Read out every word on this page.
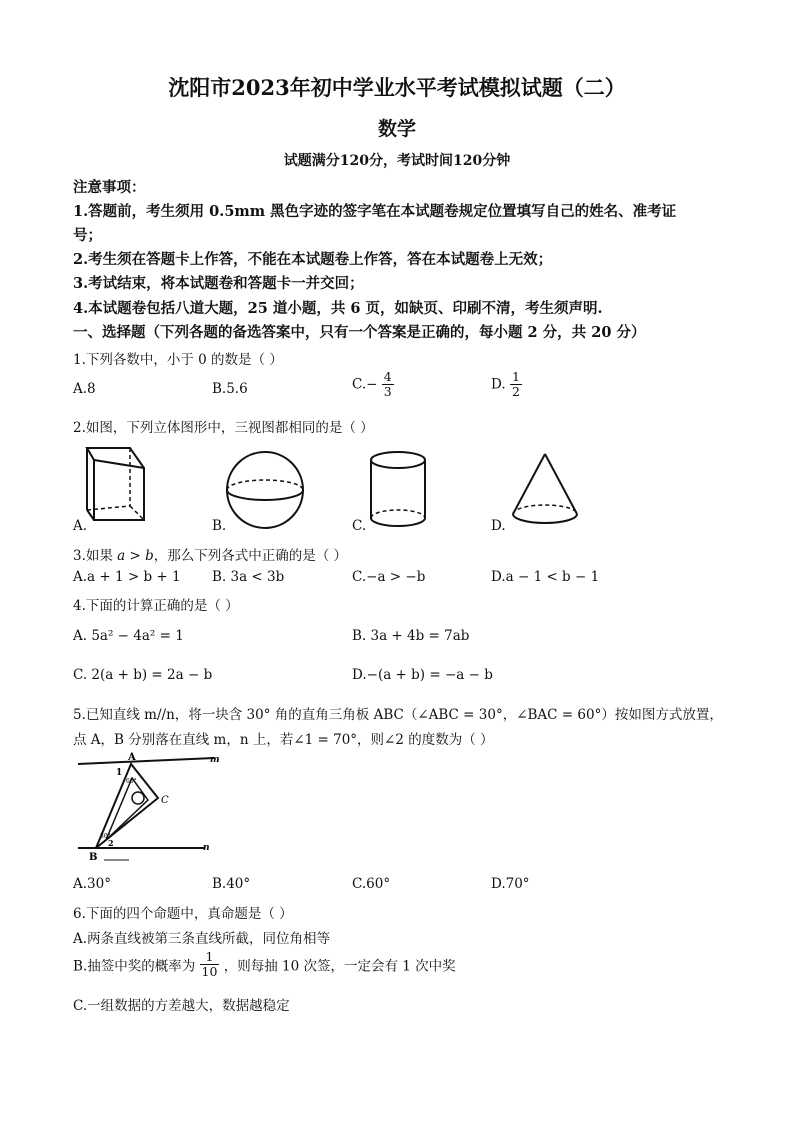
沈阳市2023年初中学业水平考试模拟试题（二）
数学
试题满分120分，考试时间120分钟
注意事项：
1.答题前，考生须用 0.5mm 黑色字迹的签字笔在本试题卷规定位置填写自己的姓名、准考证
号；
2.考生须在答题卡上作答，不能在本试题卷上作答，答在本试题卷上无效；
3.考试结束，将本试题卷和答题卡一并交回；
4.本试题卷包括八道大题，25 道小题，共 6 页，如缺页、印刷不清，考生须声明.
一、选择题（下列各题的备选答案中，只有一个答案是正确的，每小题 2 分，共 20 分）
1.下列各数中，小于 0 的数是（ ）
A.8	B.5.6	$C.- \frac{4}{3}$	D. $\frac{1}{2}$
2.如图，下列立体图形中，三视图都相同的是（ ）
A.	B.	C.	D.
3.如果 a > b，那么下列各式中正确的是（ ）
A.a + 1 > b + 1 B. 3a < 3b	C.−a > −b	D.a − 1 < b − 1
4.下面的计算正确的是（ ）
A. 5a² − 4a² = 1	B. 3a + 4b = 7ab
C. 2(a + b) = 2a − b	D.−(a + b) = −a − b
5.已知直线 m//n，将一块含 30° 角的直角三角板 ABC（∠ABC = 30°，∠BAC = 60°）按如图方式放置，
点 A，B 分别落在直线 m，n 上，若∠1 = 70°，则∠2 的度数为（ ）
A	m
1
60°
C
30°
2
B
n
A.30°	B.40°	C.60°	D.70°
6.下面的四个命题中，真命题是（ ）
A.两条直线被第三条直线所截，同位角相等
B.抽签中奖的概率为 $\frac{1}{10}$ ，则每抽 10 次签，一定会有 1 次中奖
C.一组数据的方差越大，数据越稳定
